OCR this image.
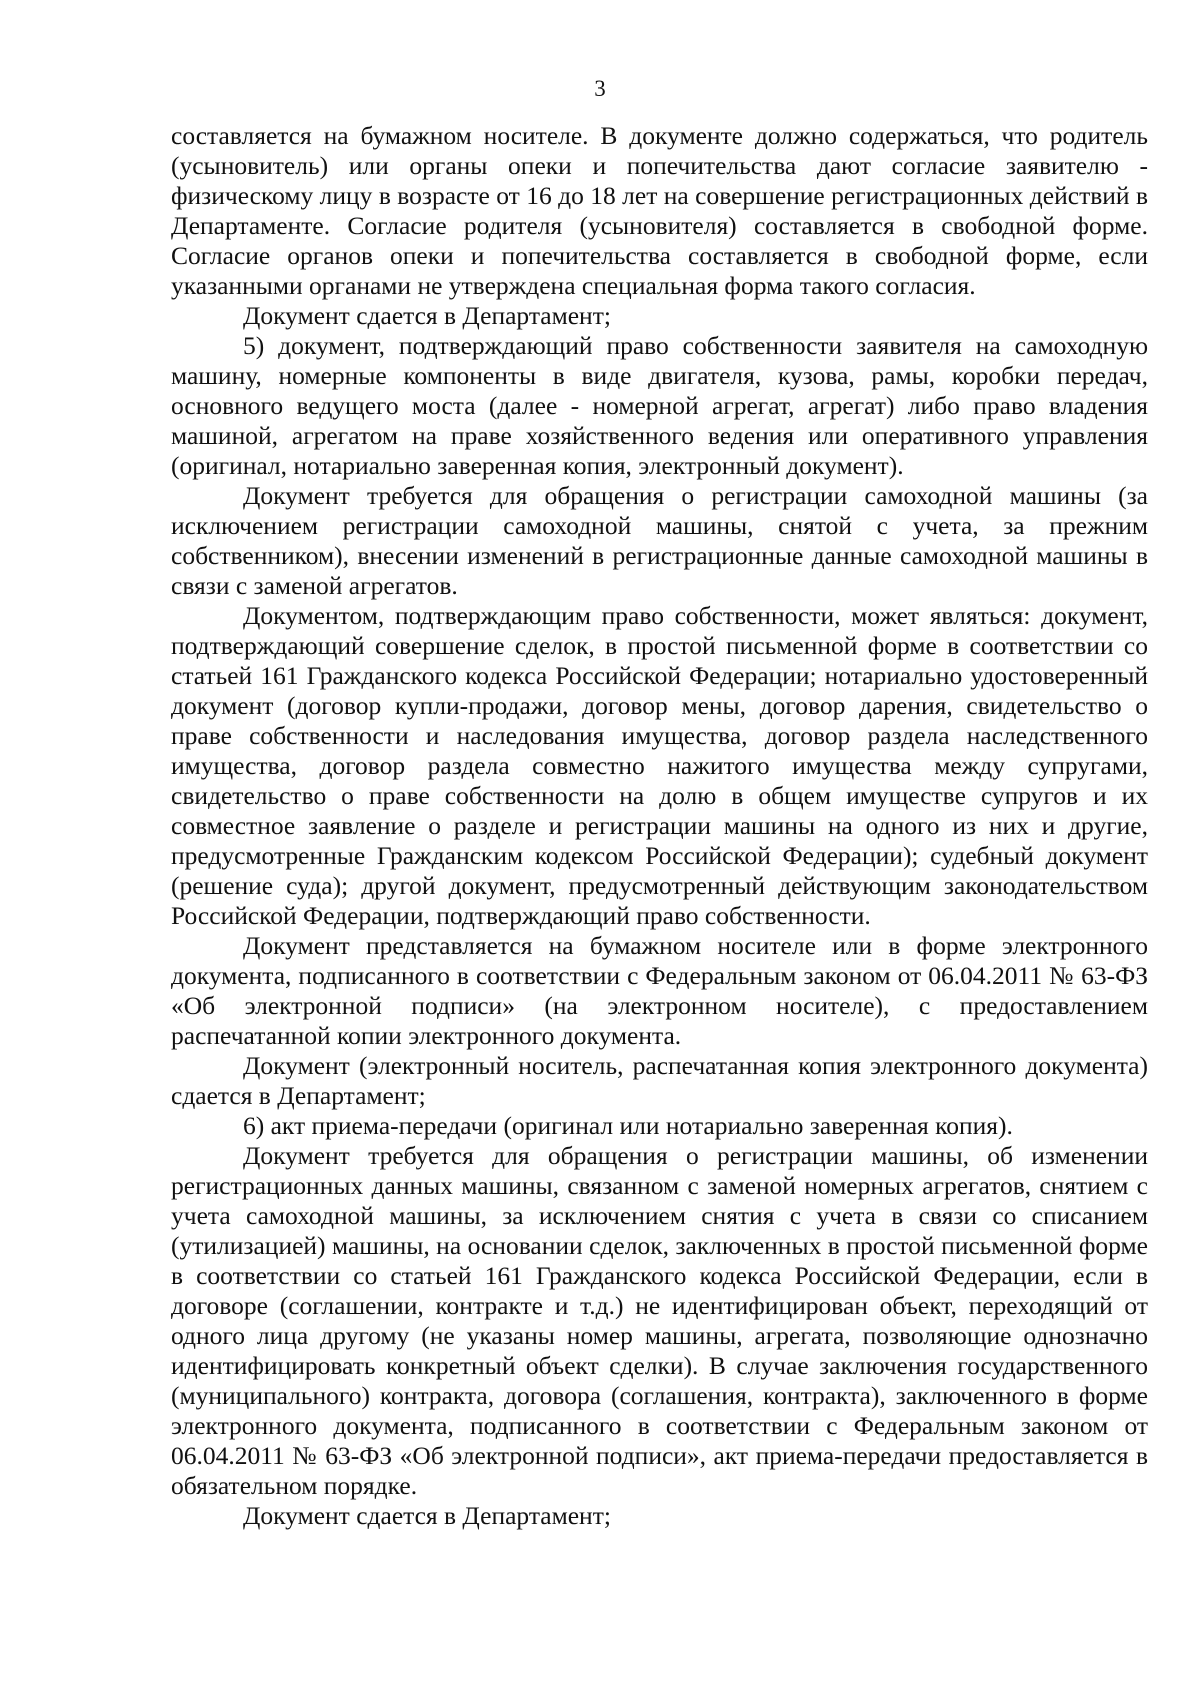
3

составляется на бумажном носителе. В документе должно содержаться, что родитель (усыновитель) или органы опеки и попечительства дают согласие заявителю - физическому лицу в возрасте от 16 до 18 лет на совершение регистрационных действий в Департаменте. Согласие родителя (усыновителя) составляется в свободной форме. Согласие органов опеки и попечительства составляется в свободной форме, если указанными органами не утверждена специальная форма такого согласия.

Документ сдается в Департамент;

5) документ, подтверждающий право собственности заявителя на самоходную машину, номерные компоненты в виде двигателя, кузова, рамы, коробки передач, основного ведущего моста (далее - номерной агрегат, агрегат) либо право владения машиной, агрегатом на праве хозяйственного ведения или оперативного управления (оригинал, нотариально заверенная копия, электронный документ).

Документ требуется для обращения о регистрации самоходной машины (за исключением регистрации самоходной машины, снятой с учета, за прежним собственником), внесении изменений в регистрационные данные самоходной машины в связи с заменой агрегатов.

Документом, подтверждающим право собственности, может являться: документ, подтверждающий совершение сделок, в простой письменной форме в соответствии со статьей 161 Гражданского кодекса Российской Федерации; нотариально удостоверенный документ (договор купли-продажи, договор мены, договор дарения, свидетельство о праве собственности и наследования имущества, договор раздела наследственного имущества, договор раздела совместно нажитого имущества между супругами, свидетельство о праве собственности на долю в общем имуществе супругов и их совместное заявление о разделе и регистрации машины на одного из них и другие, предусмотренные Гражданским кодексом Российской Федерации); судебный документ (решение суда); другой документ, предусмотренный действующим законодательством Российской Федерации, подтверждающий право собственности.

Документ представляется на бумажном носителе или в форме электронного документа, подписанного в соответствии с Федеральным законом от 06.04.2011 № 63-ФЗ «Об электронной подписи» (на электронном носителе), с предоставлением распечатанной копии электронного документа.

Документ (электронный носитель, распечатанная копия электронного документа) сдается в Департамент;

6) акт приема-передачи (оригинал или нотариально заверенная копия).

Документ требуется для обращения о регистрации машины, об изменении регистрационных данных машины, связанном с заменой номерных агрегатов, снятием с учета самоходной машины, за исключением снятия с учета в связи со списанием (утилизацией) машины, на основании сделок, заключенных в простой письменной форме в соответствии со статьей 161 Гражданского кодекса Российской Федерации, если в договоре (соглашении, контракте и т.д.) не идентифицирован объект, переходящий от одного лица другому (не указаны номер машины, агрегата, позволяющие однозначно идентифицировать конкретный объект сделки). В случае заключения государственного (муниципального) контракта, договора (соглашения, контракта), заключенного в форме электронного документа, подписанного в соответствии с Федеральным законом от 06.04.2011 № 63-ФЗ «Об электронной подписи», акт приема-передачи предоставляется в обязательном порядке.

Документ сдается в Департамент;
